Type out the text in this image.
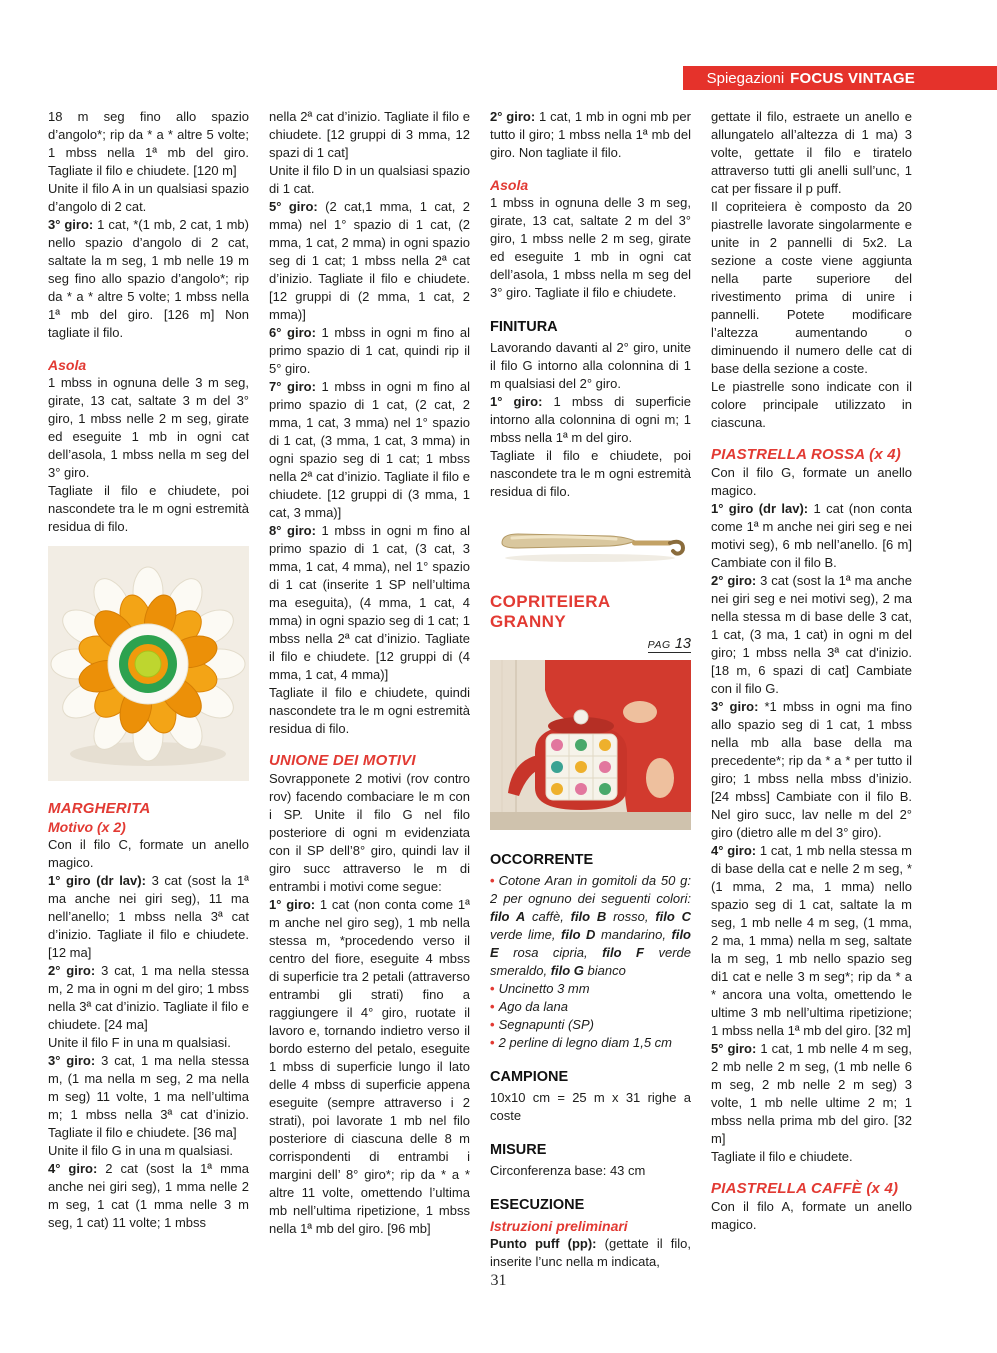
Spiegazioni FOCUS VINTAGE

18 m seg fino allo spazio d’angolo*; rip da * a * altre 5 volte; 1 mbss nella 1ª mb del giro. Tagliate il filo e chiudete. [120 m]

Unite il filo A in un qualsiasi spazio d’angolo di 2 cat.

3° giro: 1 cat, *(1 mb, 2 cat, 1 mb) nello spazio d’angolo di 2 cat, saltate la m seg, 1 mb nelle 19 m seg fino allo spazio d’angolo*; rip da * a * altre 5 volte; 1 mbss nella 1ª mb del giro. [126 m] Non tagliate il filo.

Asola

1 mbss in ognuna delle 3 m seg, girate, 13 cat, saltate 3 m del 3° giro, 1 mbss nelle 2 m seg, girate ed eseguite 1 mb in ogni cat dell’asola, 1 mbss nella m seg del 3° giro.

Tagliate il filo e chiudete, poi nascondete tra le m ogni estremità residua di filo.

MARGHERITA
Motivo (x 2)

Con il filo C, formate un anello magico.

1° giro (dr lav): 3 cat (sost la 1ª ma anche nei giri seg), 11 ma nell’anello; 1 mbss nella 3ª cat d’inizio. Tagliate il filo e chiudete. [12 ma]

2° giro: 3 cat, 1 ma nella stessa m, 2 ma in ogni m del giro; 1 mbss nella 3ª cat d’inizio. Tagliate il filo e chiudete. [24 ma]

Unite il filo F in una m qualsiasi.

3° giro: 3 cat, 1 ma nella stessa m, (1 ma nella m seg, 2 ma nella m seg) 11 volte, 1 ma nell’ultima m; 1 mbss nella 3ª cat d’inizio. Tagliate il filo e chiudete. [36 ma]

Unite il filo G in una m qualsiasi.

4° giro: 2 cat (sost la 1ª mma anche nei giri seg), 1 mma nelle 2 m seg, 1 cat (1 mma nelle 3 m seg, 1 cat) 11 volte; 1 mbss

nella 2ª cat d’inizio. Tagliate il filo e chiudete. [12 gruppi di 3 mma, 12 spazi di 1 cat]

Unite il filo D in un qualsiasi spazio di 1 cat.

5° giro: (2 cat,1 mma, 1 cat, 2 mma) nel 1° spazio di 1 cat, (2 mma, 1 cat, 2 mma) in ogni spazio seg di 1 cat; 1 mbss nella 2ª cat d’inizio. Tagliate il filo e chiudete. [12 gruppi di (2 mma, 1 cat, 2 mma)]

6° giro: 1 mbss in ogni m fino al primo spazio di 1 cat, quindi rip il 5° giro.

7° giro: 1 mbss in ogni m fino al primo spazio di 1 cat, (2 cat, 2 mma, 1 cat, 3 mma) nel 1° spazio di 1 cat, (3 mma, 1 cat, 3 mma) in ogni spazio seg di 1 cat; 1 mbss nella 2ª cat d’inizio. Tagliate il filo e chiudete. [12 gruppi di (3 mma, 1 cat, 3 mma)]

8° giro: 1 mbss in ogni m fino al primo spazio di 1 cat, (3 cat, 3 mma, 1 cat, 4 mma), nel 1° spazio di 1 cat (inserite 1 SP nell’ultima ma eseguita), (4 mma, 1 cat, 4 mma) in ogni spazio seg di 1 cat; 1 mbss nella 2ª cat d’inizio. Tagliate il filo e chiudete. [12 gruppi di (4 mma, 1 cat, 4 mma)]

Tagliate il filo e chiudete, quindi nascondete tra le m ogni estremità residua di filo.

UNIONE DEI MOTIVI

Sovrapponete 2 motivi (rov contro rov) facendo combaciare le m con i SP. Unite il filo G nel filo posteriore di ogni m evidenziata con il SP dell’8° giro, quindi lav il giro succ attraverso le m di entrambi i motivi come segue:

1° giro: 1 cat (non conta come 1ª m anche nel giro seg), 1 mb nella stessa m, *procedendo verso il centro del fiore, eseguite 4 mbss di superficie tra 2 petali (attraverso entrambi gli strati) fino a raggiungere il 4° giro, ruotate il lavoro e, tornando indietro verso il bordo esterno del petalo, eseguite 1 mbss di superficie lungo il lato delle 4 mbss di superficie appena eseguite (sempre attraverso i 2 strati), poi lavorate 1 mb nel filo posteriore di ciascuna delle 8 m corrispondenti di entrambi i margini dell’ 8° giro*; rip da * a * altre 11 volte, omettendo l’ultima mb nell’ultima ripetizione, 1 mbss nella 1ª mb del giro. [96 mb]

2° giro: 1 cat, 1 mb in ogni mb per tutto il giro; 1 mbss nella 1ª mb del giro. Non tagliate il filo.

Asola

1 mbss in ognuna delle 3 m seg, girate, 13 cat, saltate 2 m del 3° giro, 1 mbss nelle 2 m seg, girate ed eseguite 1 mb in ogni cat dell’asola, 1 mbss nella m seg del 3° giro. Tagliate il filo e chiudete.

FINITURA

Lavorando davanti al 2° giro, unite il filo G intorno alla colonnina di 1 m qualsiasi del 2° giro.

1° giro: 1 mbss di superficie intorno alla colonnina di ogni m; 1 mbss nella 1ª m del giro.

Tagliate il filo e chiudete, poi nascondete tra le m ogni estremità residua di filo.

COPRITEIERA GRANNY
PAG 13
OCCORRENTE

• Cotone Aran in gomitoli da 50 g: 2 per ognuno dei seguenti colori: filo A caffè, filo B rosso, filo C verde lime, filo D mandarino, filo E rosa cipria, filo F verde smeraldo, filo G bianco

• Uncinetto 3 mm

• Ago da lana

• Segnapunti (SP)

• 2 perline di legno diam 1,5 cm

CAMPIONE

10x10 cm = 25 m x 31 righe a coste

MISURE

Circonferenza base: 43 cm

ESECUZIONE
Istruzioni preliminari

Punto puff (pp): (gettate il filo, inserite l’unc nella m indicata,

gettate il filo, estraete un anello e allungatelo all’altezza di 1 ma) 3 volte, gettate il filo e tiratelo attraverso tutti gli anelli sull’unc, 1 cat per fissare il p puff.

Il copriteiera è composto da 20 piastrelle lavorate singolarmente e unite in 2 pannelli di 5x2. La sezione a coste viene aggiunta nella parte superiore del rivestimento prima di unire i pannelli. Potete modificare l’altezza aumentando o diminuendo il numero delle cat di base della sezione a coste.

Le piastrelle sono indicate con il colore principale utilizzato in ciascuna.

PIASTRELLA ROSSA (x 4)

Con il filo G, formate un anello magico.

1° giro (dr lav): 1 cat (non conta come 1ª m anche nei giri seg e nei motivi seg), 6 mb nell’anello. [6 m] Cambiate con il filo B.

2° giro: 3 cat (sost la 1ª ma anche nei giri seg e nei motivi seg), 2 ma nella stessa m di base delle 3 cat, 1 cat, (3 ma, 1 cat) in ogni m del giro; 1 mbss nella 3ª cat d'inizio. [18 m, 6 spazi di cat] Cambiate con il filo G.

3° giro: *1 mbss in ogni ma fino allo spazio seg di 1 cat, 1 mbss nella mb alla base della ma precedente*; rip da * a * per tutto il giro; 1 mbss nella mbss d’inizio. [24 mbss] Cambiate con il filo B. Nel giro succ, lav nelle m del 2° giro (dietro alle m del 3° giro).

4° giro: 1 cat, 1 mb nella stessa m di base della cat e nelle 2 m seg, *(1 mma, 2 ma, 1 mma) nello spazio seg di 1 cat, saltate la m seg, 1 mb nelle 4 m seg, (1 mma, 2 ma, 1 mma) nella m seg, saltate la m seg, 1 mb nello spazio seg di1 cat e nelle 3 m seg*; rip da * a * ancora una volta, omettendo le ultime 3 mb nell’ultima ripetizione; 1 mbss nella 1ª mb del giro. [32 m]

5° giro: 1 cat, 1 mb nelle 4 m seg, 2 mb nelle 2 m seg, (1 mb nelle 6 m seg, 2 mb nelle 2 m seg) 3 volte, 1 mb nelle ultime 2 m; 1 mbss nella prima mb del giro. [32 m]

Tagliate il filo e chiudete.

PIASTRELLA CAFFÈ (x 4)

Con il filo A, formate un anello magico.

31
